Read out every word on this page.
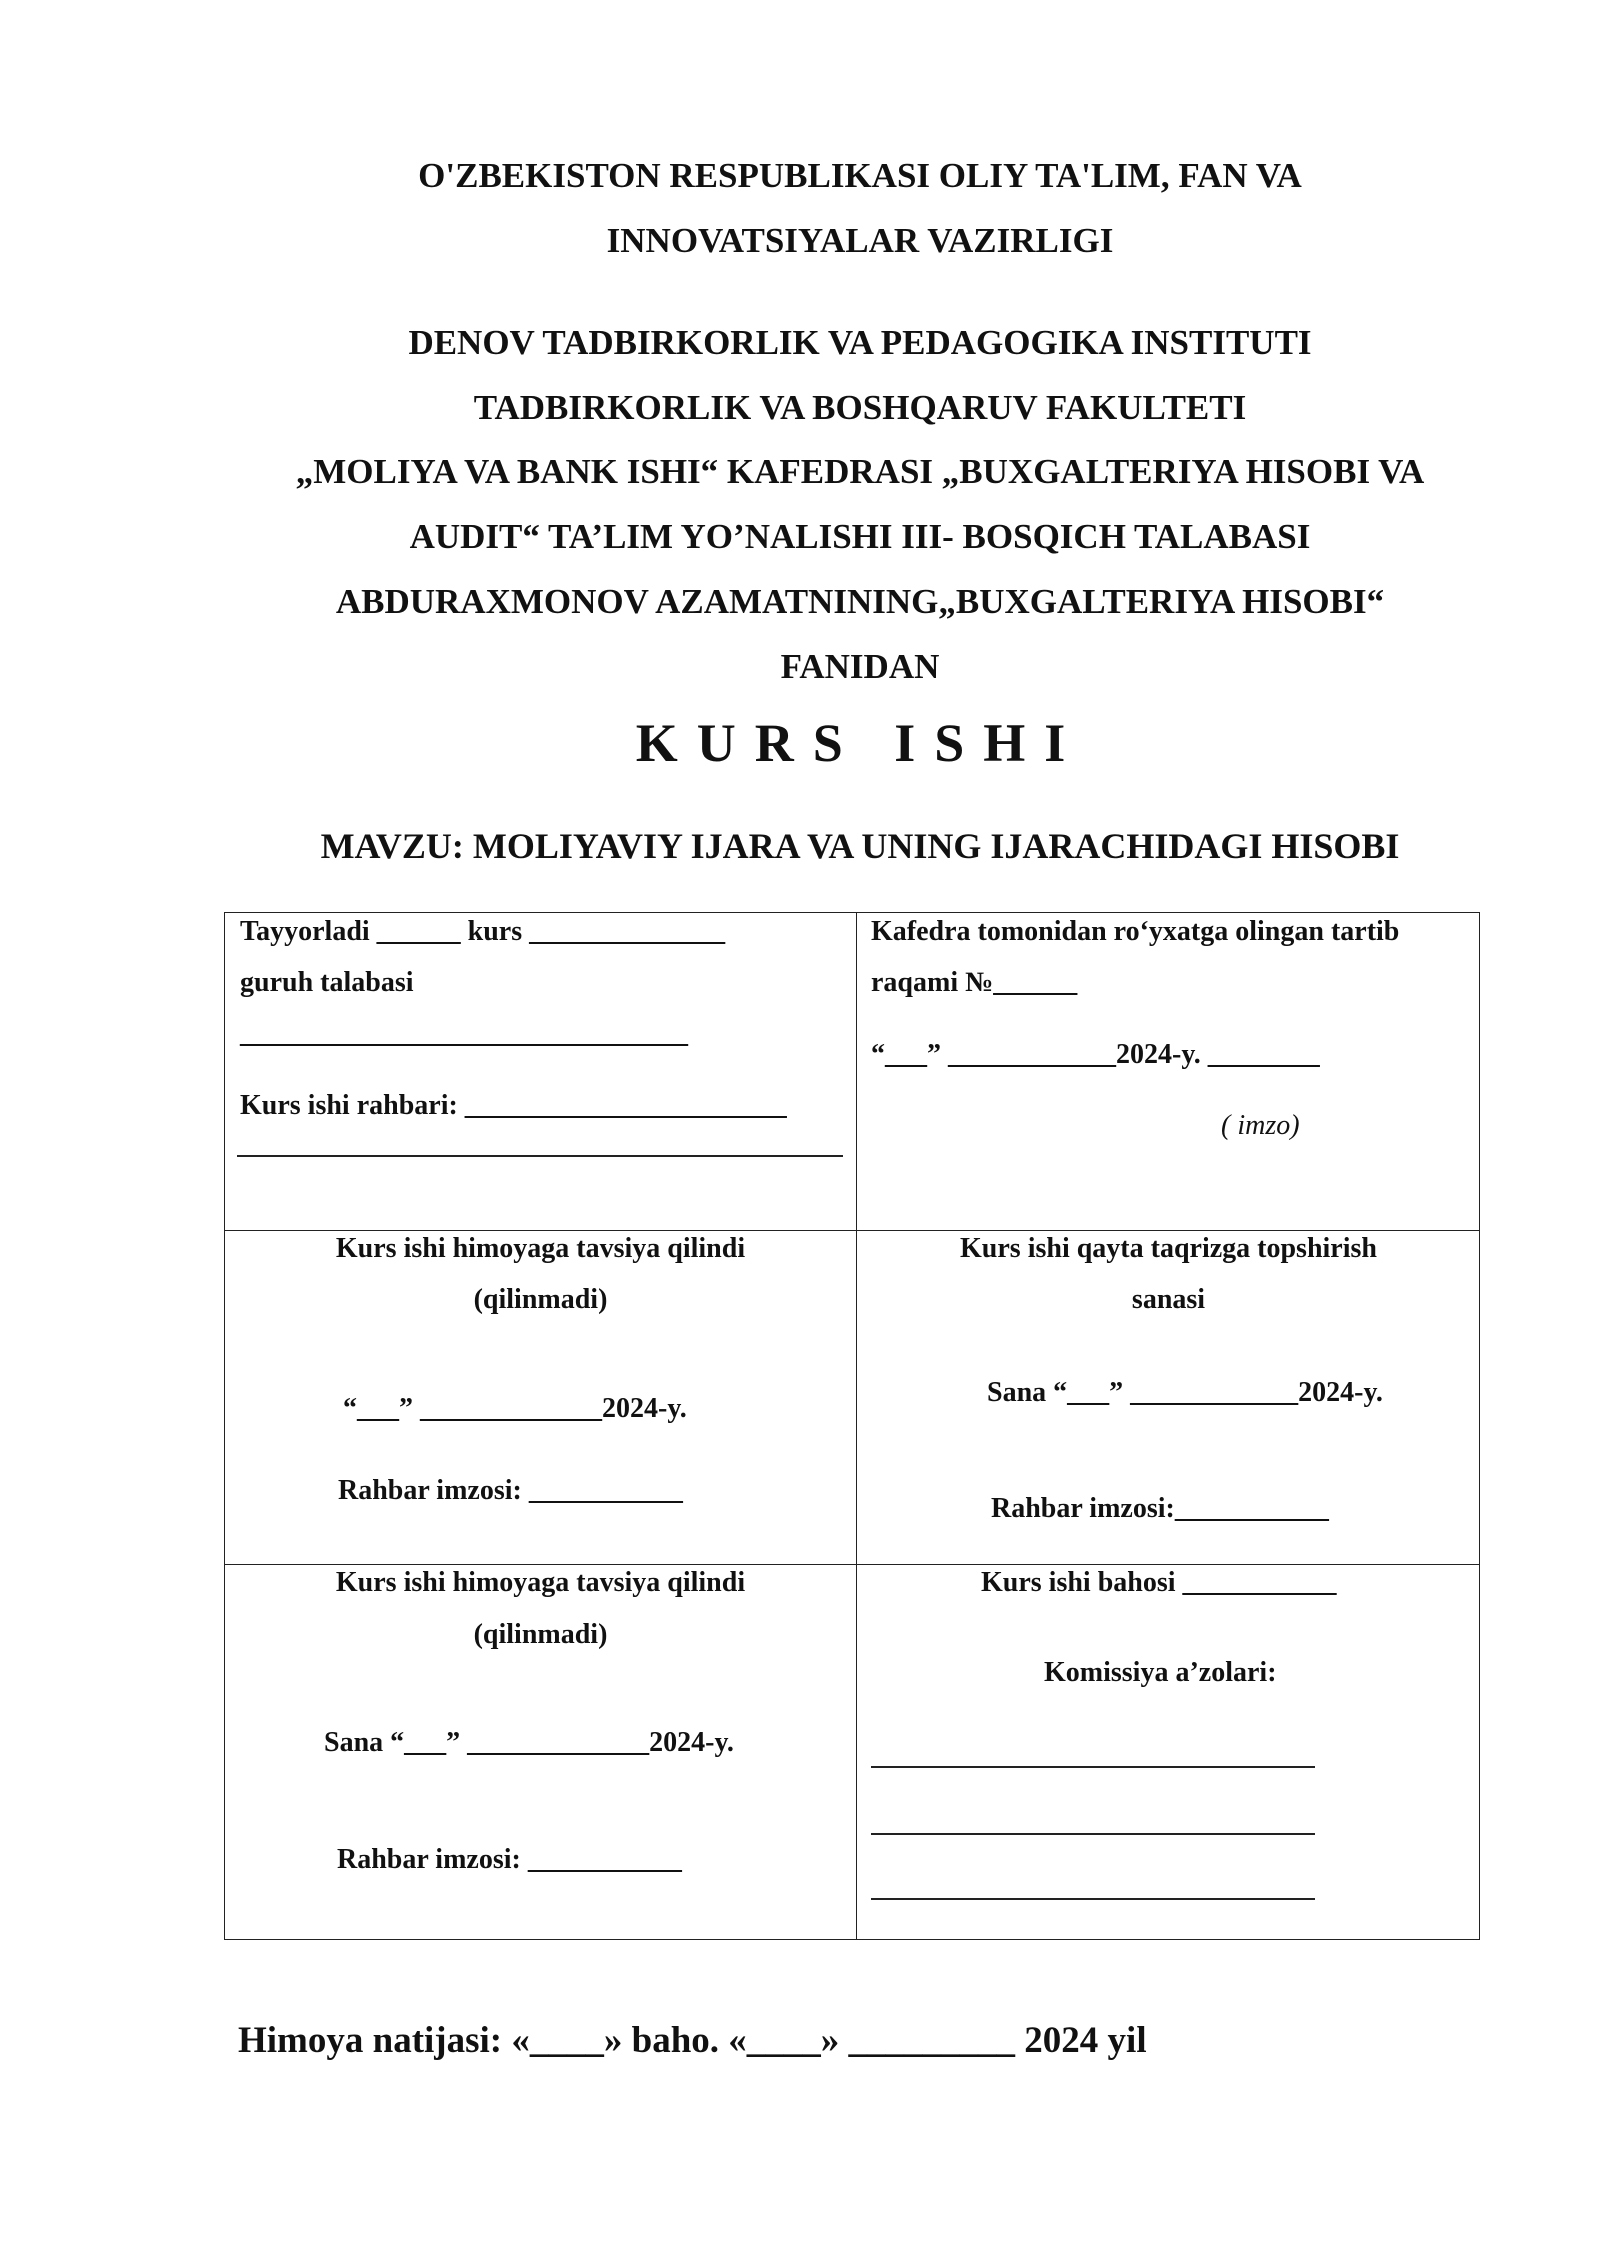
O'ZBEKISTON RESPUBLIKASI OLIY TA'LIM, FAN VA
INNOVATSIYALAR VAZIRLIGI
DENOV TADBIRKORLIK VA PEDAGOGIKA INSTITUTI
TADBIRKORLIK VA BOSHQARUV FAKULTETI
„MOLIYA VA BANK ISHI“ KAFEDRASI „BUXGALTERIYA HISOBI VA
AUDIT“ TA’LIM YO’NALISHI III- BOSQICH TALABASI
ABDURAXMONOV AZAMATNINING„BUXGALTERIYA HISOBI“
FANIDAN
KURS ISHI
MAVZU: MOLIYAVIY IJARA VA UNING IJARACHIDAGI HISOBI
Tayyorladi ______ kurs ______________
guruh talabasi
________________________________
Kurs ishi rahbari: _______________________
Kafedra tomonidan ro‘yxatga olingan tartib
raqami №______
“___” ____________2024-y. ________
( imzo)
Kurs ishi himoyaga tavsiya qilindi
(qilinmadi)
“___” _____________2024-y.
Rahbar imzosi: ___________
Kurs ishi qayta taqrizga topshirish
sanasi
Sana “___” ____________2024-y.
Rahbar imzosi:___________
Kurs ishi himoyaga tavsiya qilindi
(qilinmadi)
Sana “___” _____________2024-y.
Rahbar imzosi: ___________
Kurs ishi bahosi ___________
Komissiya a’zolari:
Himoya natijasi: «____» baho. «____» _________ 2024 yil
